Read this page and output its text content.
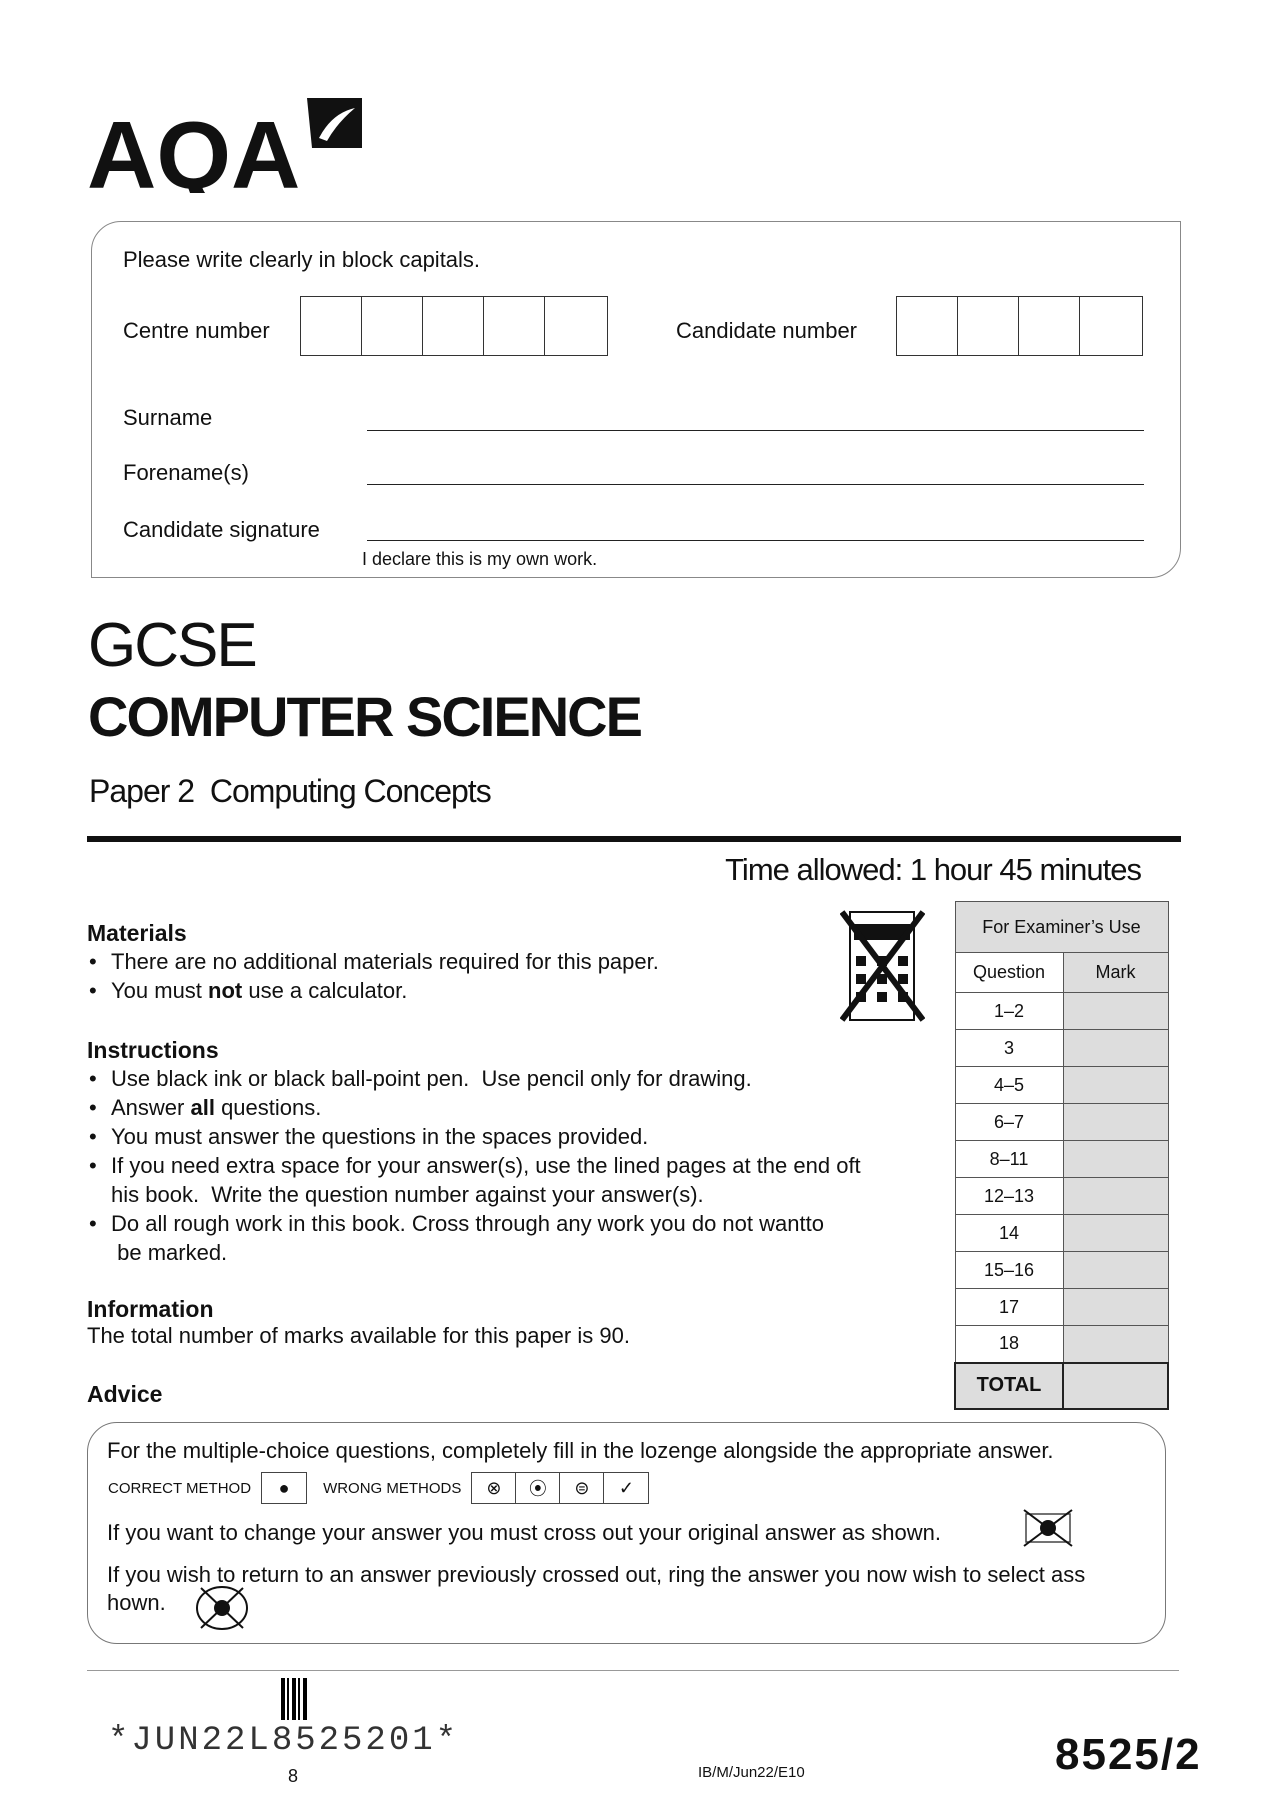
AQA
Please write clearly in block capitals.
Centre number	Candidate number
Surname
Forename(s)
Candidate signature
I declare this is my own work.
GCSE
COMPUTER SCIENCE
Paper 2  Computing Concepts
Time allowed: 1 hour 45 minutes
Materials
• There are no additional materials required for this paper.
• You must not use a calculator.
Instructions
• Use black ink or black ball-point pen.  Use pencil only for drawing.
• Answer all questions.
• You must answer the questions in the spaces provided.
• If you need extra space for your answer(s), use the lined pages at the end oft
his book.  Write the question number against your answer(s).
• Do all rough work in this book. Cross through any work you do not wantto
be marked.
Information
The total number of marks available for this paper is 90.
Advice
For Examiner’s Use	
Question	Mark
1–2	
3	
4–5	
6–7	
8–11	
12–13	
14	
15–16	
17	
18	
TOTAL	
For the multiple-choice questions, completely fill in the lozenge alongside the appropriate answer.
CORRECT METHOD	●	WRONG METHODS	⊗	⦿	⊜	✓
If you want to change your answer you must cross out your original answer as shown.
If you wish to return to an answer previously crossed out, ring the answer you now wish to select ass
hown.
*JUN22L8525201*
8	IB/M/Jun22/E10	8525/2
